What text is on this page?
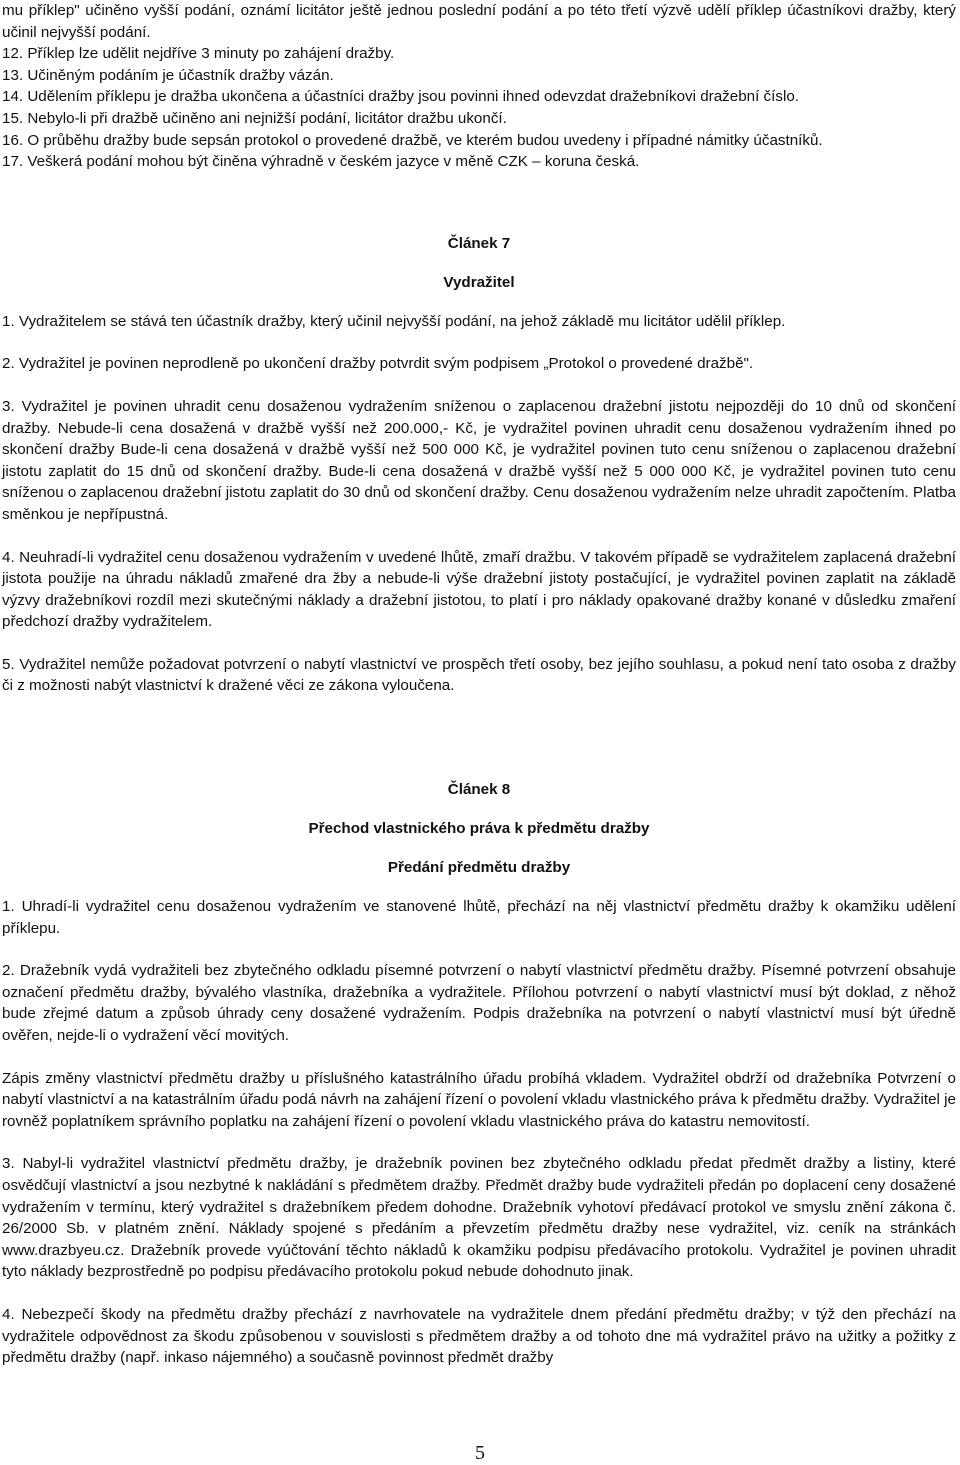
mu příklep" učiněno vyšší podání, oznámí licitátor ještě jednou poslední podání a po této třetí výzvě udělí příklep účastníkovi dražby, který učinil nejvyšší podání.

12. Příklep lze udělit nejdříve 3 minuty po zahájení dražby.

13. Učiněným podáním je účastník dražby vázán.

14. Udělením příklepu je dražba ukončena a účastníci dražby jsou povinni ihned odevzdat dražebníkovi dražební číslo.

15. Nebylo-li při dražbě učiněno ani nejnižší podání, licitátor dražbu ukončí.

16. O průběhu dražby bude sepsán protokol o provedené dražbě, ve kterém budou uvedeny i případné námitky účastníků.

17. Veškerá podání mohou být činěna výhradně v českém jazyce v měně CZK – koruna česká.

Článek 7

Vydražitel

1. Vydražitelem se stává ten účastník dražby, který učinil nejvyšší podání, na jehož základě mu licitátor udělil příklep.

2. Vydražitel je povinen neprodleně po ukončení dražby potvrdit svým podpisem „Protokol o provedené dražbě".

3. Vydražitel je povinen uhradit cenu dosaženou vydražením sníženou o zaplacenou dražební jistotu nejpozději do 10 dnů od skončení dražby. Nebude-li cena dosažená v dražbě vyšší než 200.000,- Kč, je vydražitel povinen uhradit cenu dosaženou vydražením ihned po skončení dražby Bude-li cena dosažená v dražbě vyšší než 500 000 Kč, je vydražitel povinen tuto cenu sníženou o zaplacenou dražební jistotu zaplatit do 15 dnů od skončení dražby. Bude-li cena dosažená v dražbě vyšší než 5 000 000 Kč, je vydražitel povinen tuto cenu sníženou o zaplacenou dražební jistotu zaplatit do 30 dnů od skončení dražby. Cenu dosaženou vydražením nelze uhradit započtením. Platba směnkou je nepřípustná.

4. Neuhradí-li vydražitel cenu dosaženou vydražením v uvedené lhůtě, zmaří dražbu. V takovém případě se vydražitelem zaplacená dražební jistota použije na úhradu nákladů zmařené dra žby a nebude-li výše dražební jistoty postačující, je vydražitel povinen zaplatit na základě výzvy dražebníkovi rozdíl mezi skutečnými náklady a dražební jistotou, to platí i pro náklady opakované dražby konané v důsledku zmaření předchozí dražby vydražitelem.

5. Vydražitel nemůže požadovat potvrzení o nabytí vlastnictví ve prospěch třetí osoby, bez jejího souhlasu, a pokud není tato osoba z dražby či z možnosti nabýt vlastnictví k dražené věci ze zákona vyloučena.

Článek 8

Přechod vlastnického práva k předmětu dražby

Předání předmětu dražby

1. Uhradí-li vydražitel cenu dosaženou vydražením ve stanovené lhůtě, přechází na něj vlastnictví předmětu dražby k okamžiku udělení příklepu.

2. Dražebník vydá vydražiteli bez zbytečného odkladu písemné potvrzení o nabytí vlastnictví předmětu dražby. Písemné potvrzení obsahuje označení předmětu dražby, bývalého vlastníka, dražebníka a vydražitele. Přílohou potvrzení o nabytí vlastnictví musí být doklad, z něhož bude zřejmé datum a způsob úhrady ceny dosažené vydražením. Podpis dražebníka na potvrzení o nabytí vlastnictví musí být úředně ověřen, nejde-li o vydražení věcí movitých.

Zápis změny vlastnictví předmětu dražby u příslušného katastrálního úřadu probíhá vkladem. Vydražitel obdrží od dražebníka Potvrzení o nabytí vlastnictví a na katastrálním úřadu podá návrh na zahájení řízení o povolení vkladu vlastnického práva k předmětu dražby. Vydražitel je rovněž poplatníkem správního poplatku na zahájení řízení o povolení vkladu vlastnického práva do katastru nemovitostí.

3. Nabyl-li vydražitel vlastnictví předmětu dražby, je dražebník povinen bez zbytečného odkladu předat předmět dražby a listiny, které osvědčují vlastnictví a jsou nezbytné k nakládání s předmětem dražby. Předmět dražby bude vydražiteli předán po doplacení ceny dosažené vydražením v termínu, který vydražitel s dražebníkem předem dohodne. Dražebník vyhotoví předávací protokol ve smyslu znění zákona č. 26/2000 Sb. v platném znění. Náklady spojené s předáním a převzetím předmětu dražby nese vydražitel, viz. ceník na stránkách www.drazbyeu.cz. Dražebník provede vyúčtování těchto nákladů k okamžiku podpisu předávacího protokolu. Vydražitel je povinen uhradit tyto náklady bezprostředně po podpisu předávacího protokolu pokud nebude dohodnuto jinak.

4. Nebezpečí škody na předmětu dražby přechází z navrhovatele na vydražitele dnem předání předmětu dražby; v týž den přechází na vydražitele odpovědnost za škodu způsobenou v souvislosti s předmětem dražby a od tohoto dne má vydražitel právo na užitky a požitky z předmětu dražby (např. inkaso nájemného) a současně povinnost předmět dražby

5
